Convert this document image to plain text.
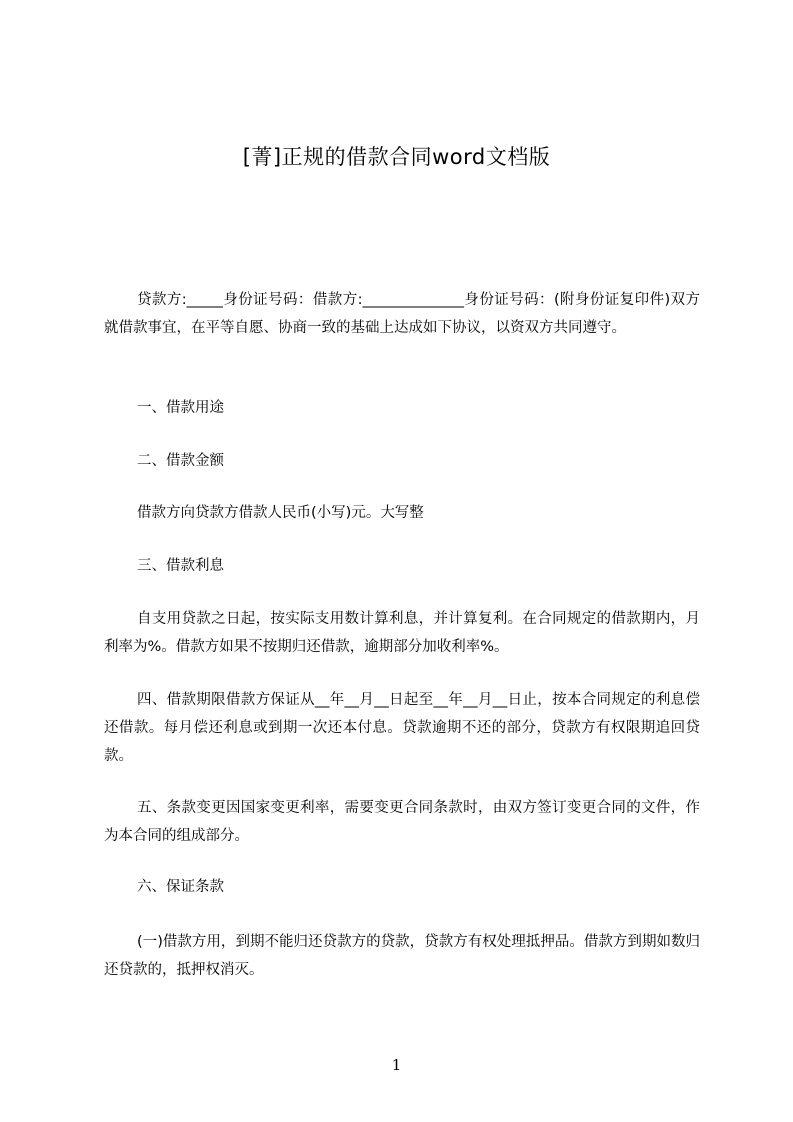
[菁]正规的借款合同word文档版
贷款方:_____身份证号码：借款方:______________身份证号码：(附身份证复印件)双方就借款事宜，在平等自愿、协商一致的基础上达成如下协议，以资双方共同遵守。
一、借款用途
二、借款金额
借款方向贷款方借款人民币(小写)元。大写整
三、借款利息
自支用贷款之日起，按实际支用数计算利息，并计算复利。在合同规定的借款期内，月利率为%。借款方如果不按期归还借款，逾期部分加收利率%。
四、借款期限借款方保证从__年__月__日起至__年__月__日止，按本合同规定的利息偿还借款。每月偿还利息或到期一次还本付息。贷款逾期不还的部分，贷款方有权限期追回贷款。
五、条款变更因国家变更利率，需要变更合同条款时，由双方签订变更合同的文件，作为本合同的组成部分。
六、保证条款
(一)借款方用，到期不能归还贷款方的贷款，贷款方有权处理抵押品。借款方到期如数归还贷款的，抵押权消灭。
1
